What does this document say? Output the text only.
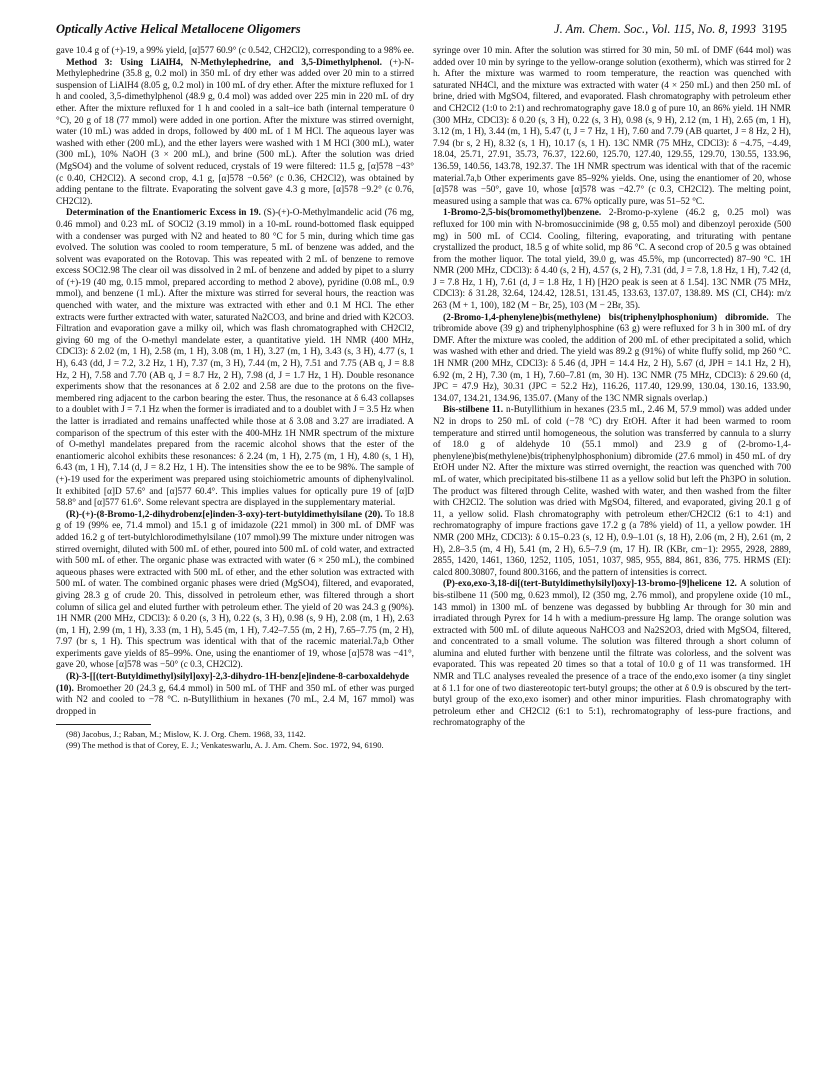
Optically Active Helical Metallocene Oligomers	J. Am. Chem. Soc., Vol. 115, No. 8, 1993 3195

gave 10.4 g of (+)-19, a 99% yield, [α]577 60.9° (c 0.542, CH2Cl2), corresponding to a 98% ee.

Method 3: Using LiAlH4, N-Methylephedrine, and 3,5-Dimethylphenol. (+)-N-Methylephedrine (35.8 g, 0.2 mol) in 350 mL of dry ether was added over 20 min to a stirred suspension of LiAlH4 (8.05 g, 0.2 mol) in 100 mL of dry ether. After the mixture refluxed for 1 h and cooled, 3,5-dimethylphenol (48.9 g, 0.4 mol) was added over 225 min in 220 mL of dry ether. After the mixture refluxed for 1 h and cooled in a salt–ice bath (internal temperature 0 °C), 20 g of 18 (77 mmol) were added in one portion. After the mixture was stirred overnight, water (10 mL) was added in drops, followed by 400 mL of 1 M HCl. The aqueous layer was washed with ether (200 mL), and the ether layers were washed with 1 M HCl (300 mL), water (300 mL), 10% NaOH (3 × 200 mL), and brine (500 mL). After the solution was dried (MgSO4) and the volume of solvent reduced, crystals of 19 were filtered: 11.5 g, [α]578 −43° (c 0.40, CH2Cl2). A second crop, 4.1 g, [α]578 −0.56° (c 0.36, CH2Cl2), was obtained by adding pentane to the filtrate. Evaporating the solvent gave 4.3 g more, [α]578 −9.2° (c 0.76, CH2Cl2).

Determination of the Enantiomeric Excess in 19. (S)-(+)-O-Methylmandelic acid (76 mg, 0.46 mmol) and 0.23 mL of SOCl2 (3.19 mmol) in a 10-mL round-bottomed flask equipped with a condenser was purged with N2 and heated to 80 °C for 5 min, during which time gas evolved. The solution was cooled to room temperature, 5 mL of benzene was added, and the solvent was evaporated on the Rotovap. This was repeated with 2 mL of benzene to remove excess SOCl2.98 The clear oil was dissolved in 2 mL of benzene and added by pipet to a slurry of (+)-19 (40 mg, 0.15 mmol, prepared according to method 2 above), pyridine (0.08 mL, 0.9 mmol), and benzene (1 mL). After the mixture was stirred for several hours, the reaction was quenched with water, and the mixture was extracted with ether and 0.1 M HCl. The ether extracts were further extracted with water, saturated Na2CO3, and brine and dried with K2CO3. Filtration and evaporation gave a milky oil, which was flash chromatographed with CH2Cl2, giving 60 mg of the O-methyl mandelate ester, a quantitative yield. 1H NMR (400 MHz, CDCl3): δ 2.02 (m, 1 H), 2.58 (m, 1 H), 3.08 (m, 1 H), 3.27 (m, 1 H), 3.43 (s, 3 H), 4.77 (s, 1 H), 6.43 (dd, J = 7.2, 3.2 Hz, 1 H), 7.37 (m, 3 H), 7.44 (m, 2 H), 7.51 and 7.75 (AB q, J = 8.8 Hz, 2 H), 7.58 and 7.70 (AB q, J = 8.7 Hz, 2 H), 7.98 (d, J = 1.7 Hz, 1 H). Double resonance experiments show that the resonances at δ 2.02 and 2.58 are due to the protons on the five-membered ring adjacent to the carbon bearing the ester. Thus, the resonance at δ 6.43 collapses to a doublet with J = 7.1 Hz when the former is irradiated and to a doublet with J = 3.5 Hz when the latter is irradiated and remains unaffected while those at δ 3.08 and 3.27 are irradiated. A comparison of the spectrum of this ester with the 400-MHz 1H NMR spectrum of the mixture of O-methyl mandelates prepared from the racemic alcohol shows that the ester of the enantiomeric alcohol exhibits these resonances: δ 2.24 (m, 1 H), 2.75 (m, 1 H), 4.80 (s, 1 H), 6.43 (m, 1 H), 7.14 (d, J = 8.2 Hz, 1 H). The intensities show the ee to be 98%. The sample of (+)-19 used for the experiment was prepared using stoichiometric amounts of diphenylvalinol. It exhibited [α]D 57.6° and [α]577 60.4°. This implies values for optically pure 19 of [α]D 58.8° and [α]577 61.6°. Some relevant spectra are displayed in the supplementary material.

(R)-(+)-(8-Bromo-1,2-dihydrobenz[e]inden-3-oxy)-tert-butyldimethylsilane (20). To 18.8 g of 19 (99% ee, 71.4 mmol) and 15.1 g of imidazole (221 mmol) in 300 mL of DMF was added 16.2 g of tert-butylchlorodimethylsilane (107 mmol).99 The mixture under nitrogen was stirred overnight, diluted with 500 mL of ether, poured into 500 mL of cold water, and extracted with 500 mL of ether. The organic phase was extracted with water (6 × 250 mL), the combined aqueous phases were extracted with 500 mL of ether, and the ether solution was extracted with 500 mL of water. The combined organic phases were dried (MgSO4), filtered, and evaporated, giving 28.3 g of crude 20. This, dissolved in petroleum ether, was filtered through a short column of silica gel and eluted further with petroleum ether. The yield of 20 was 24.3 g (90%). 1H NMR (200 MHz, CDCl3): δ 0.20 (s, 3 H), 0.22 (s, 3 H), 0.98 (s, 9 H), 2.08 (m, 1 H), 2.63 (m, 1 H), 2.99 (m, 1 H), 3.33 (m, 1 H), 5.45 (m, 1 H), 7.42–7.55 (m, 2 H), 7.65–7.75 (m, 2 H), 7.97 (br s, 1 H). This spectrum was identical with that of the racemic material.7a,b Other experiments gave yields of 85–99%. One, using the enantiomer of 19, whose [α]578 was −41°, gave 20, whose [α]578 was −50° (c 0.3, CH2Cl2).

(R)-3-[[(tert-Butyldimethyl)silyl]oxy]-2,3-dihydro-1H-benz[e]indene-8-carboxaldehyde (10). Bromoether 20 (24.3 g, 64.4 mmol) in 500 mL of THF and 350 mL of ether was purged with N2 and cooled to −78 °C. n-Butyllithium in hexanes (70 mL, 2.4 M, 167 mmol) was dropped in

(98) Jacobus, J.; Raban, M.; Mislow, K. J. Org. Chem. 1968, 33, 1142.

(99) The method is that of Corey, E. J.; Venkateswarlu, A. J. Am. Chem. Soc. 1972, 94, 6190.

syringe over 10 min. After the solution was stirred for 30 min, 50 mL of DMF (644 mol) was added over 10 min by syringe to the yellow-orange solution (exotherm), which was stirred for 2 h. After the mixture was warmed to room temperature, the reaction was quenched with saturated NH4Cl, and the mixture was extracted with water (4 × 250 mL) and then 250 mL of brine, dried with MgSO4, filtered, and evaporated. Flash chromatography with petroleum ether and CH2Cl2 (1:0 to 2:1) and rechromatography gave 18.0 g of pure 10, an 86% yield. 1H NMR (300 MHz, CDCl3): δ 0.20 (s, 3 H), 0.22 (s, 3 H), 0.98 (s, 9 H), 2.12 (m, 1 H), 2.65 (m, 1 H), 3.12 (m, 1 H), 3.44 (m, 1 H), 5.47 (t, J = 7 Hz, 1 H), 7.60 and 7.79 (AB quartet, J = 8 Hz, 2 H), 7.94 (br s, 2 H), 8.32 (s, 1 H), 10.17 (s, 1 H). 13C NMR (75 MHz, CDCl3): δ −4.75, −4.49, 18.04, 25.71, 27.91, 35.73, 76.37, 122.60, 125.70, 127.40, 129.55, 129.70, 130.55, 133.96, 136.59, 140.56, 143.78, 192.37. The 1H NMR spectrum was identical with that of the racemic material.7a,b Other experiments gave 85–92% yields. One, using the enantiomer of 20, whose [α]578 was −50°, gave 10, whose [α]578 was −42.7° (c 0.3, CH2Cl2). The melting point, measured using a sample that was ca. 67% optically pure, was 51–52 °C.

1-Bromo-2,5-bis(bromomethyl)benzene. 2-Bromo-p-xylene (46.2 g, 0.25 mol) was refluxed for 100 min with N-bromosuccinimide (98 g, 0.55 mol) and dibenzoyl peroxide (500 mg) in 500 mL of CCl4. Cooling, filtering, evaporating, and triturating with pentane crystallized the product, 18.5 g of white solid, mp 86 °C. A second crop of 20.5 g was obtained from the mother liquor. The total yield, 39.0 g, was 45.5%, mp (uncorrected) 87–90 °C. 1H NMR (200 MHz, CDCl3): δ 4.40 (s, 2 H), 4.57 (s, 2 H), 7.31 (dd, J = 7.8, 1.8 Hz, 1 H), 7.42 (d, J = 7.8 Hz, 1 H), 7.61 (d, J = 1.8 Hz, 1 H) [H2O peak is seen at δ 1.54]. 13C NMR (75 MHz, CDCl3): δ 31.28, 32.64, 124.42, 128.51, 131.45, 133.63, 137.07, 138.89. MS (CI, CH4): m/z 263 (M + 1, 100), 182 (M − Br, 25), 103 (M − 2Br, 35).

(2-Bromo-1,4-phenylene)bis(methylene) bis(triphenylphosphonium) dibromide. The tribromide above (39 g) and triphenylphosphine (63 g) were refluxed for 3 h in 300 mL of dry DMF. After the mixture was cooled, the addition of 200 mL of ether precipitated a solid, which was washed with ether and dried. The yield was 89.2 g (91%) of white fluffy solid, mp 260 °C. 1H NMR (200 MHz, CDCl3): δ 5.46 (d, JPH = 14.4 Hz, 2 H), 5.67 (d, JPH = 14.1 Hz, 2 H), 6.92 (m, 2 H), 7.30 (m, 1 H), 7.60–7.81 (m, 30 H). 13C NMR (75 MHz, CDCl3): δ 29.60 (d, JPC = 47.9 Hz), 30.31 (JPC = 52.2 Hz), 116.26, 117.40, 129.99, 130.04, 130.16, 133.90, 134.07, 134.21, 134.96, 135.07. (Many of the 13C NMR signals overlap.)

Bis-stilbene 11. n-Butyllithium in hexanes (23.5 mL, 2.46 M, 57.9 mmol) was added under N2 in drops to 250 mL of cold (−78 °C) dry EtOH. After it had been warmed to room temperature and stirred until homogeneous, the solution was transferred by cannula to a slurry of 18.0 g of aldehyde 10 (55.1 mmol) and 23.9 g of (2-bromo-1,4-phenylene)bis(methylene)bis(triphenylphosphonium) dibromide (27.6 mmol) in 450 mL of dry EtOH under N2. After the mixture was stirred overnight, the reaction was quenched with 700 mL of water, which precipitated bis-stilbene 11 as a yellow solid but left the Ph3PO in solution. The product was filtered through Celite, washed with water, and then washed from the filter with CH2Cl2. The solution was dried with MgSO4, filtered, and evaporated, giving 20.1 g of 11, a yellow solid. Flash chromatography with petroleum ether/CH2Cl2 (6:1 to 4:1) and rechromatography of impure fractions gave 17.2 g (a 78% yield) of 11, a yellow powder. 1H NMR (200 MHz, CDCl3): δ 0.15–0.23 (s, 12 H), 0.9–1.01 (s, 18 H), 2.06 (m, 2 H), 2.61 (m, 2 H), 2.8–3.5 (m, 4 H), 5.41 (m, 2 H), 6.5–7.9 (m, 17 H). IR (KBr, cm−1): 2955, 2928, 2889, 2855, 1420, 1461, 1360, 1252, 1105, 1051, 1037, 985, 955, 884, 861, 836, 775. HRMS (EI): calcd 800.30807, found 800.3166, and the pattern of intensities is correct.

(P)-exo,exo-3,18-di[(tert-Butyldimethylsilyl)oxy]-13-bromo-[9]helicene 12. A solution of bis-stilbene 11 (500 mg, 0.623 mmol), I2 (350 mg, 2.76 mmol), and propylene oxide (10 mL, 143 mmol) in 1300 mL of benzene was degassed by bubbling Ar through for 30 min and irradiated through Pyrex for 14 h with a medium-pressure Hg lamp. The orange solution was extracted with 500 mL of dilute aqueous NaHCO3 and Na2S2O3, dried with MgSO4, filtered, and concentrated to a small volume. The solution was filtered through a short column of alumina and eluted further with benzene until the filtrate was colorless, and the solvent was evaporated. This was repeated 20 times so that a total of 10.0 g of 11 was transformed. 1H NMR and TLC analyses revealed the presence of a trace of the endo,exo isomer (a tiny singlet at δ 1.1 for one of two diastereotopic tert-butyl groups; the other at δ 0.9 is obscured by the tert-butyl group of the exo,exo isomer) and other minor impurities. Flash chromatography with petroleum ether and CH2Cl2 (6:1 to 5:1), rechromatography of less-pure fractions, and rechromatography of the
